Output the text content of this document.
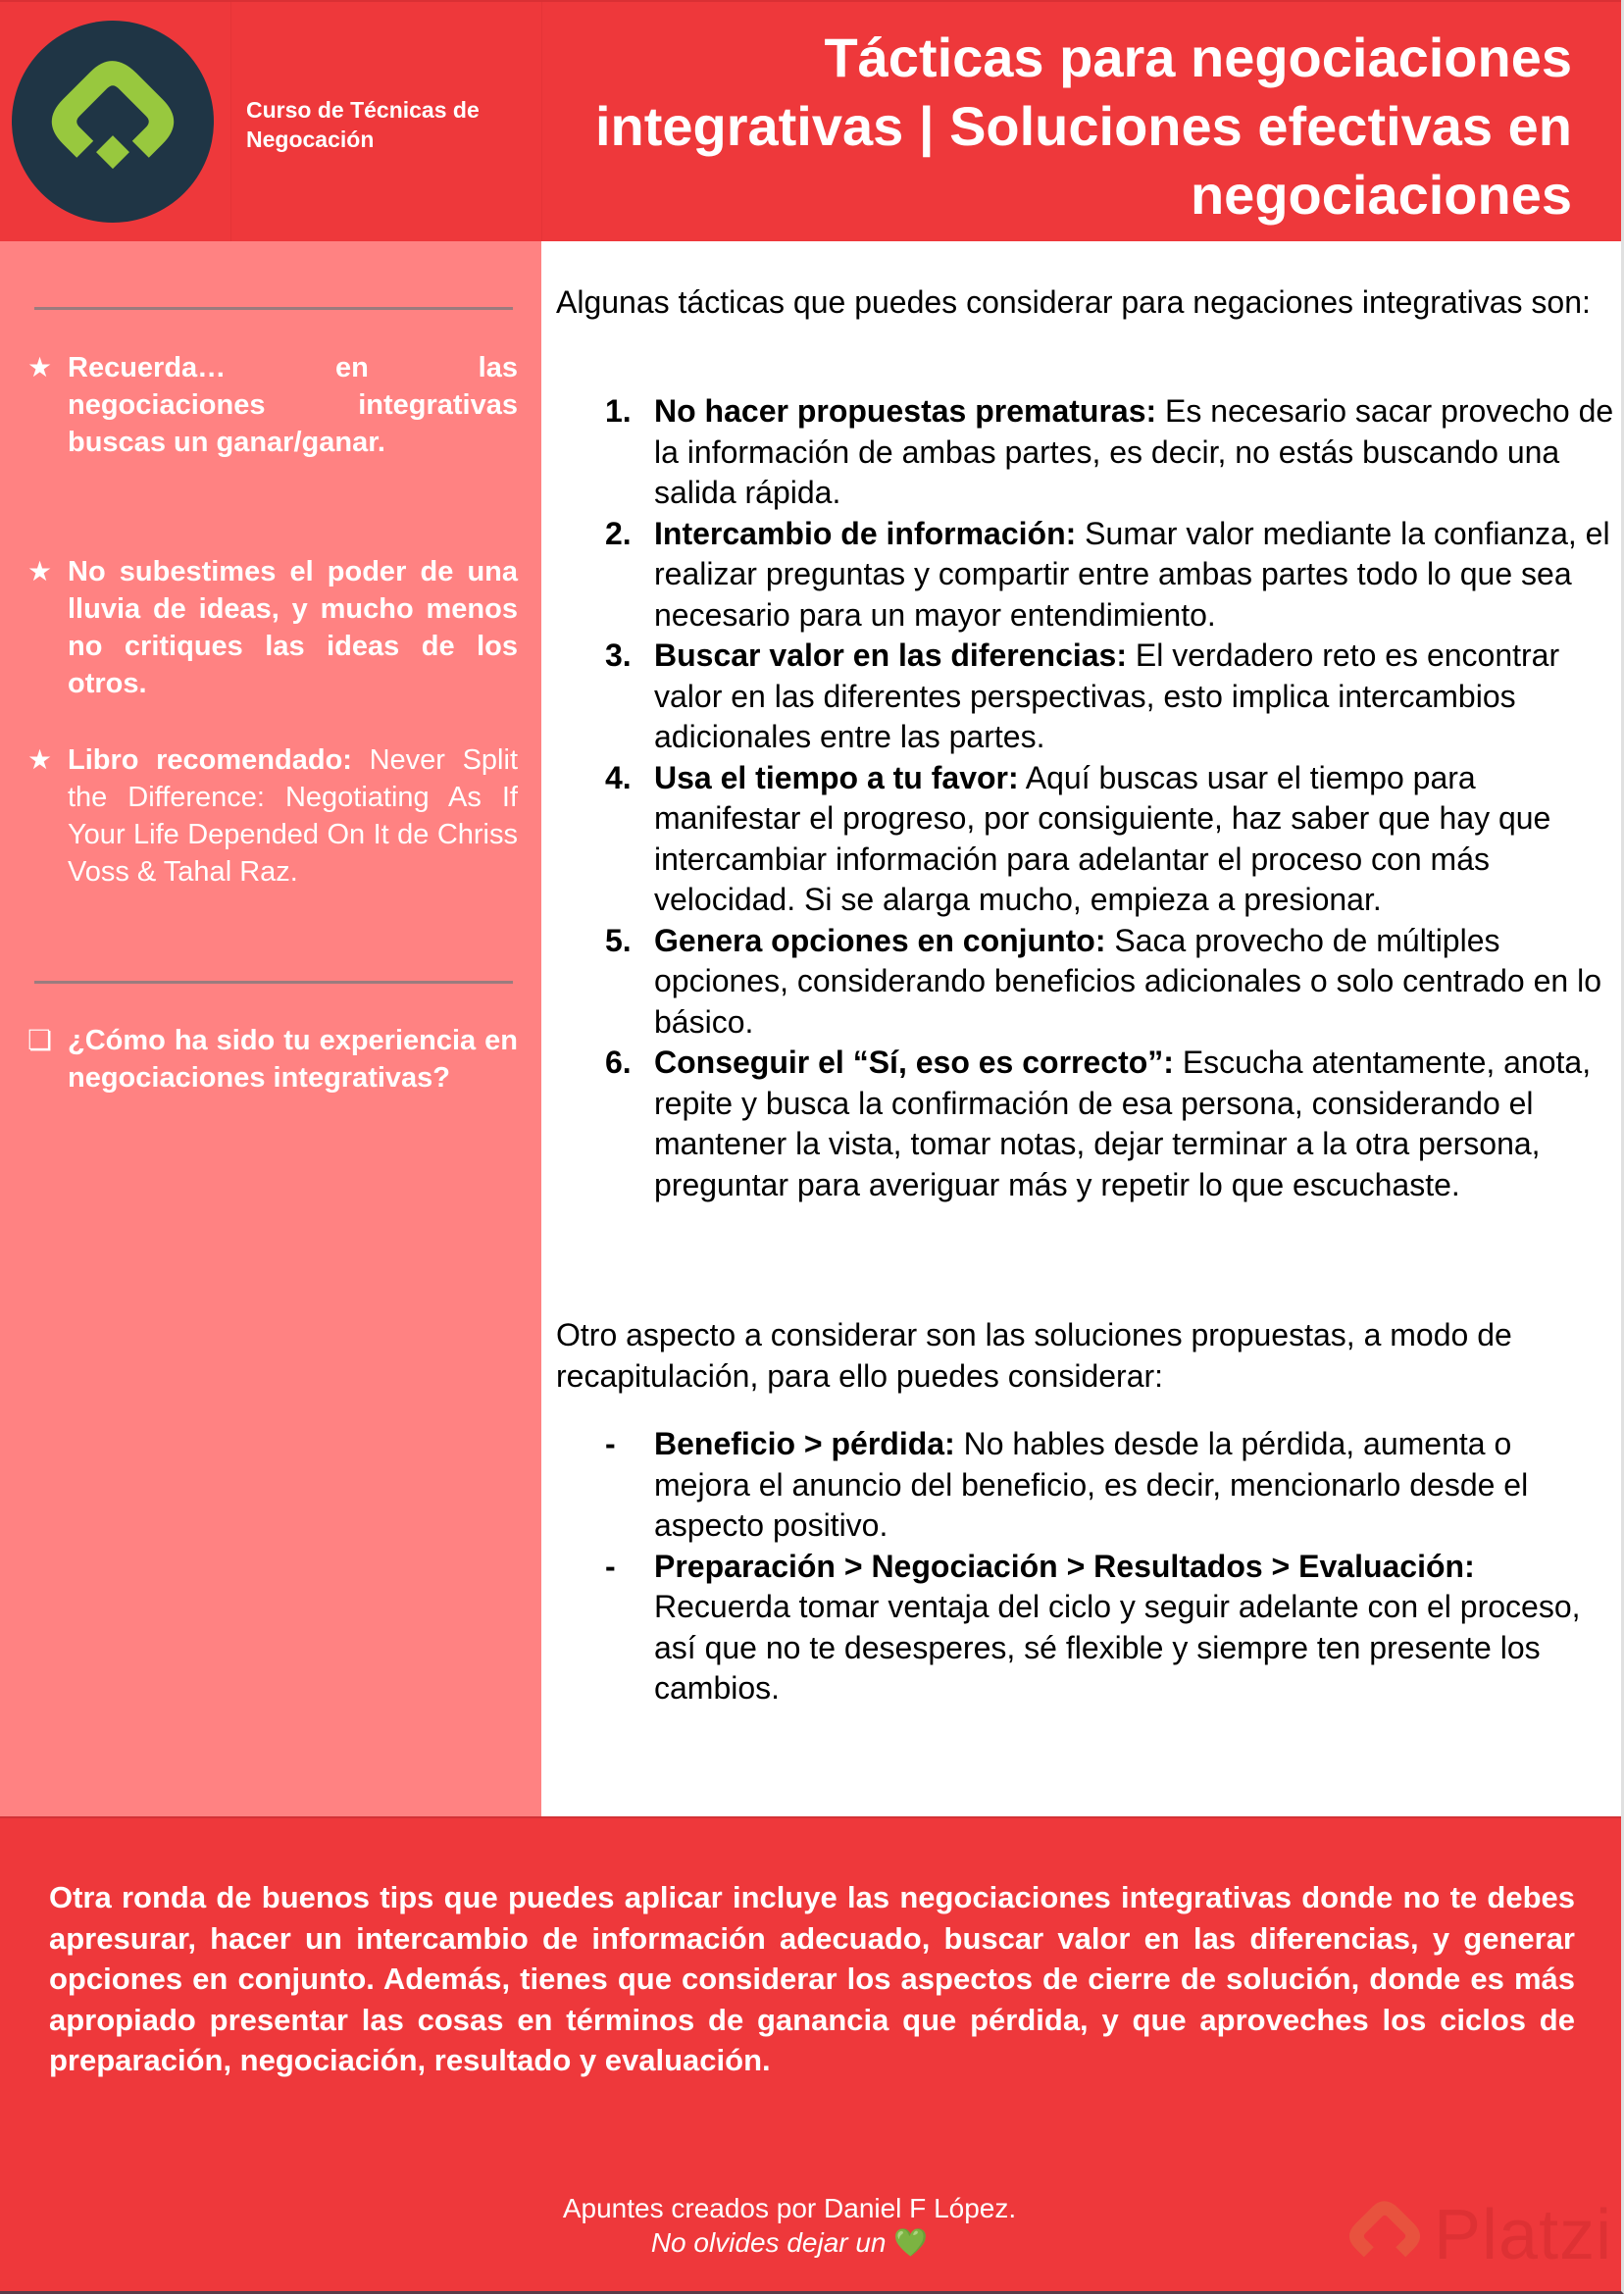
Curso de Técnicas de Negocación
Tácticas para negociaciones integrativas | Soluciones efectivas en negociaciones
★ Recuerda… en las negociaciones integrativas buscas un ganar/ganar.
★ No subestimes el poder de una lluvia de ideas, y mucho menos no critiques las ideas de los otros.
★ Libro recomendado: Never Split the Difference: Negotiating As If Your Life Depended On It de Chriss Voss & Tahal Raz.
❏ ¿Cómo ha sido tu experiencia en negociaciones integrativas?
Algunas tácticas que puedes considerar para negaciones integrativas son:
1. No hacer propuestas prematuras: Es necesario sacar provecho de la información de ambas partes, es decir, no estás buscando una salida rápida.
2. Intercambio de información: Sumar valor mediante la confianza, el realizar preguntas y compartir entre ambas partes todo lo que sea necesario para un mayor entendimiento.
3. Buscar valor en las diferencias: El verdadero reto es encontrar valor en las diferentes perspectivas, esto implica intercambios adicionales entre las partes.
4. Usa el tiempo a tu favor: Aquí buscas usar el tiempo para manifestar el progreso, por consiguiente, haz saber que hay que intercambiar información para adelantar el proceso con más velocidad. Si se alarga mucho, empieza a presionar.
5. Genera opciones en conjunto: Saca provecho de múltiples opciones, considerando beneficios adicionales o solo centrado en lo básico.
6. Conseguir el “Sí, eso es correcto”: Escucha atentamente, anota, repite y busca la confirmación de esa persona, considerando el mantener la vista, tomar notas, dejar terminar a la otra persona, preguntar para averiguar más y repetir lo que escuchaste.
Otro aspecto a considerar son las soluciones propuestas, a modo de recapitulación, para ello puedes considerar:
- Beneficio > pérdida: No hables desde la pérdida, aumenta o mejora el anuncio del beneficio, es decir, mencionarlo desde el aspecto positivo.
- Preparación > Negociación > Resultados > Evaluación: Recuerda tomar ventaja del ciclo y seguir adelante con el proceso, así que no te desesperes, sé flexible y siempre ten presente los cambios.
Otra ronda de buenos tips que puedes aplicar incluye las negociaciones integrativas donde no te debes apresurar, hacer un intercambio de información adecuado, buscar valor en las diferencias, y generar opciones en conjunto. Además, tienes que considerar los aspectos de cierre de solución, donde es más apropiado presentar las cosas en términos de ganancia que pérdida, y que aproveches los ciclos de preparación, negociación, resultado y evaluación.
Apuntes creados por Daniel F López.
No olvides dejar un 💚	Platzi
